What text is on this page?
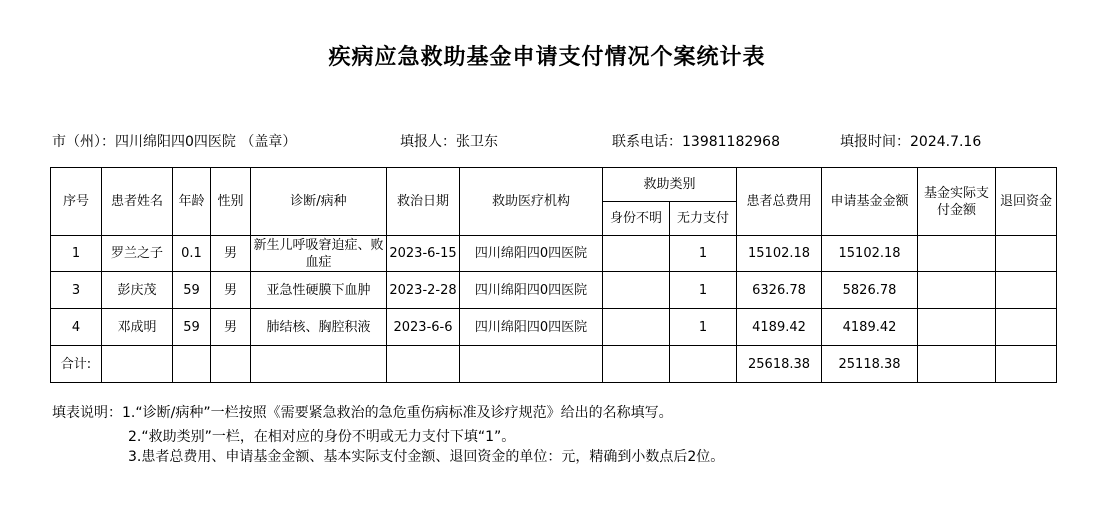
疾病应急救助基金申请支付情况个案统计表
市（州）：四川绵阳四0四医院 （盖章）	填报人：张卫东	联系电话：13981182968	填报时间：2024.7.16
序号	患者姓名	年龄	性别	诊断/病种	救治日期	救助医疗机构	救助类别		患者总费用	申请基金金额	基金实际支付金额	退回资金
							身份不明	无力支付				
1	罗兰之子	0.1	男	新生儿呼吸窘迫症、败血症	2023-6-15	四川绵阳四0四医院		1	15102.18	15102.18		
3	彭庆茂	59	男	亚急性硬膜下血肿	2023-2-28	四川绵阳四0四医院		1	6326.78	5826.78		
4	邓成明	59	男	肺结核、胸腔积液	2023-6-6	四川绵阳四0四医院		1	4189.42	4189.42		
合计:									25618.38	25118.38		
填表说明：1.“诊断/病种”一栏按照《需要紧急救治的急危重伤病标准及诊疗规范》给出的名称填写。
2.“救助类别”一栏，在相对应的身份不明或无力支付下填“1”。
3.患者总费用、申请基金金额、基本实际支付金额、退回资金的单位：元，精确到小数点后2位。
